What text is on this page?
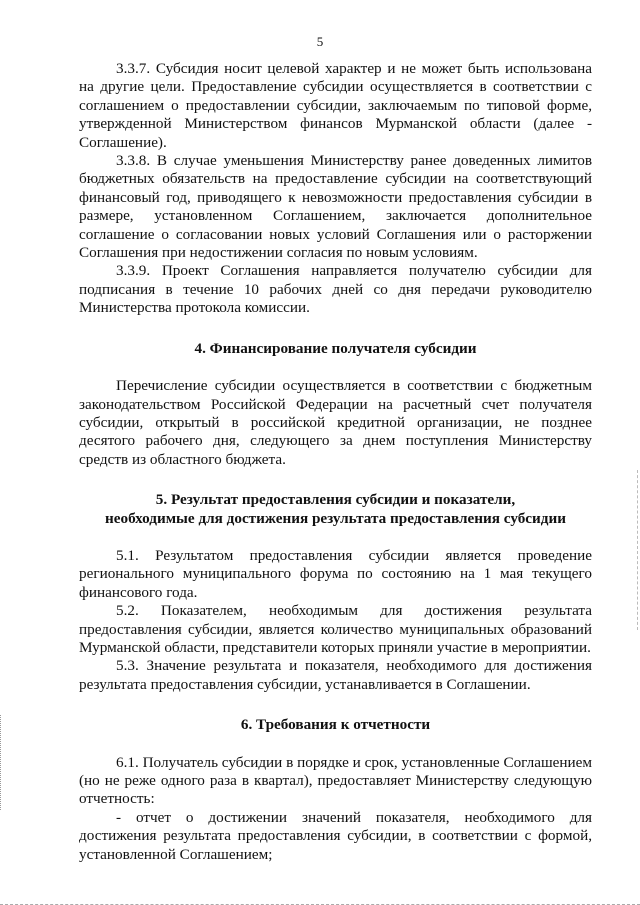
5

3.3.7. Субсидия носит целевой характер и не может быть использована на другие цели. Предоставление субсидии осуществляется в соответствии с соглашением о предоставлении субсидии, заключаемым по типовой форме, утвержденной Министерством финансов Мурманской области (далее - Соглашение).

3.3.8. В случае уменьшения Министерству ранее доведенных лимитов бюджетных обязательств на предоставление субсидии на соответствующий финансовый год, приводящего к невозможности предоставления субсидии в размере, установленном Соглашением, заключается дополнительное соглашение о согласовании новых условий Соглашения или о расторжении Соглашения при недостижении согласия по новым условиям.

3.3.9. Проект Соглашения направляется получателю субсидии для подписания в течение 10 рабочих дней со дня передачи руководителю Министерства протокола комиссии.

4. Финансирование получателя субсидии

Перечисление субсидии осуществляется в соответствии с бюджетным законодательством Российской Федерации на расчетный счет получателя субсидии, открытый в российской кредитной организации, не позднее десятого рабочего дня, следующего за днем поступления Министерству средств из областного бюджета.

5. Результат предоставления субсидии и показатели,
необходимые для достижения результата предоставления субсидии

5.1. Результатом предоставления субсидии является проведение регионального муниципального форума по состоянию на 1 мая текущего финансового года.

5.2. Показателем, необходимым для достижения результата предоставления субсидии, является количество муниципальных образований Мурманской области, представители которых приняли участие в мероприятии.

5.3. Значение результата и показателя, необходимого для достижения результата предоставления субсидии, устанавливается в Соглашении.

6. Требования к отчетности

6.1. Получатель субсидии в порядке и срок, установленные Соглашением (но не реже одного раза в квартал), предоставляет Министерству следующую отчетность:

- отчет о достижении значений показателя, необходимого для достижения результата предоставления субсидии, в соответствии с формой, установленной Соглашением;
